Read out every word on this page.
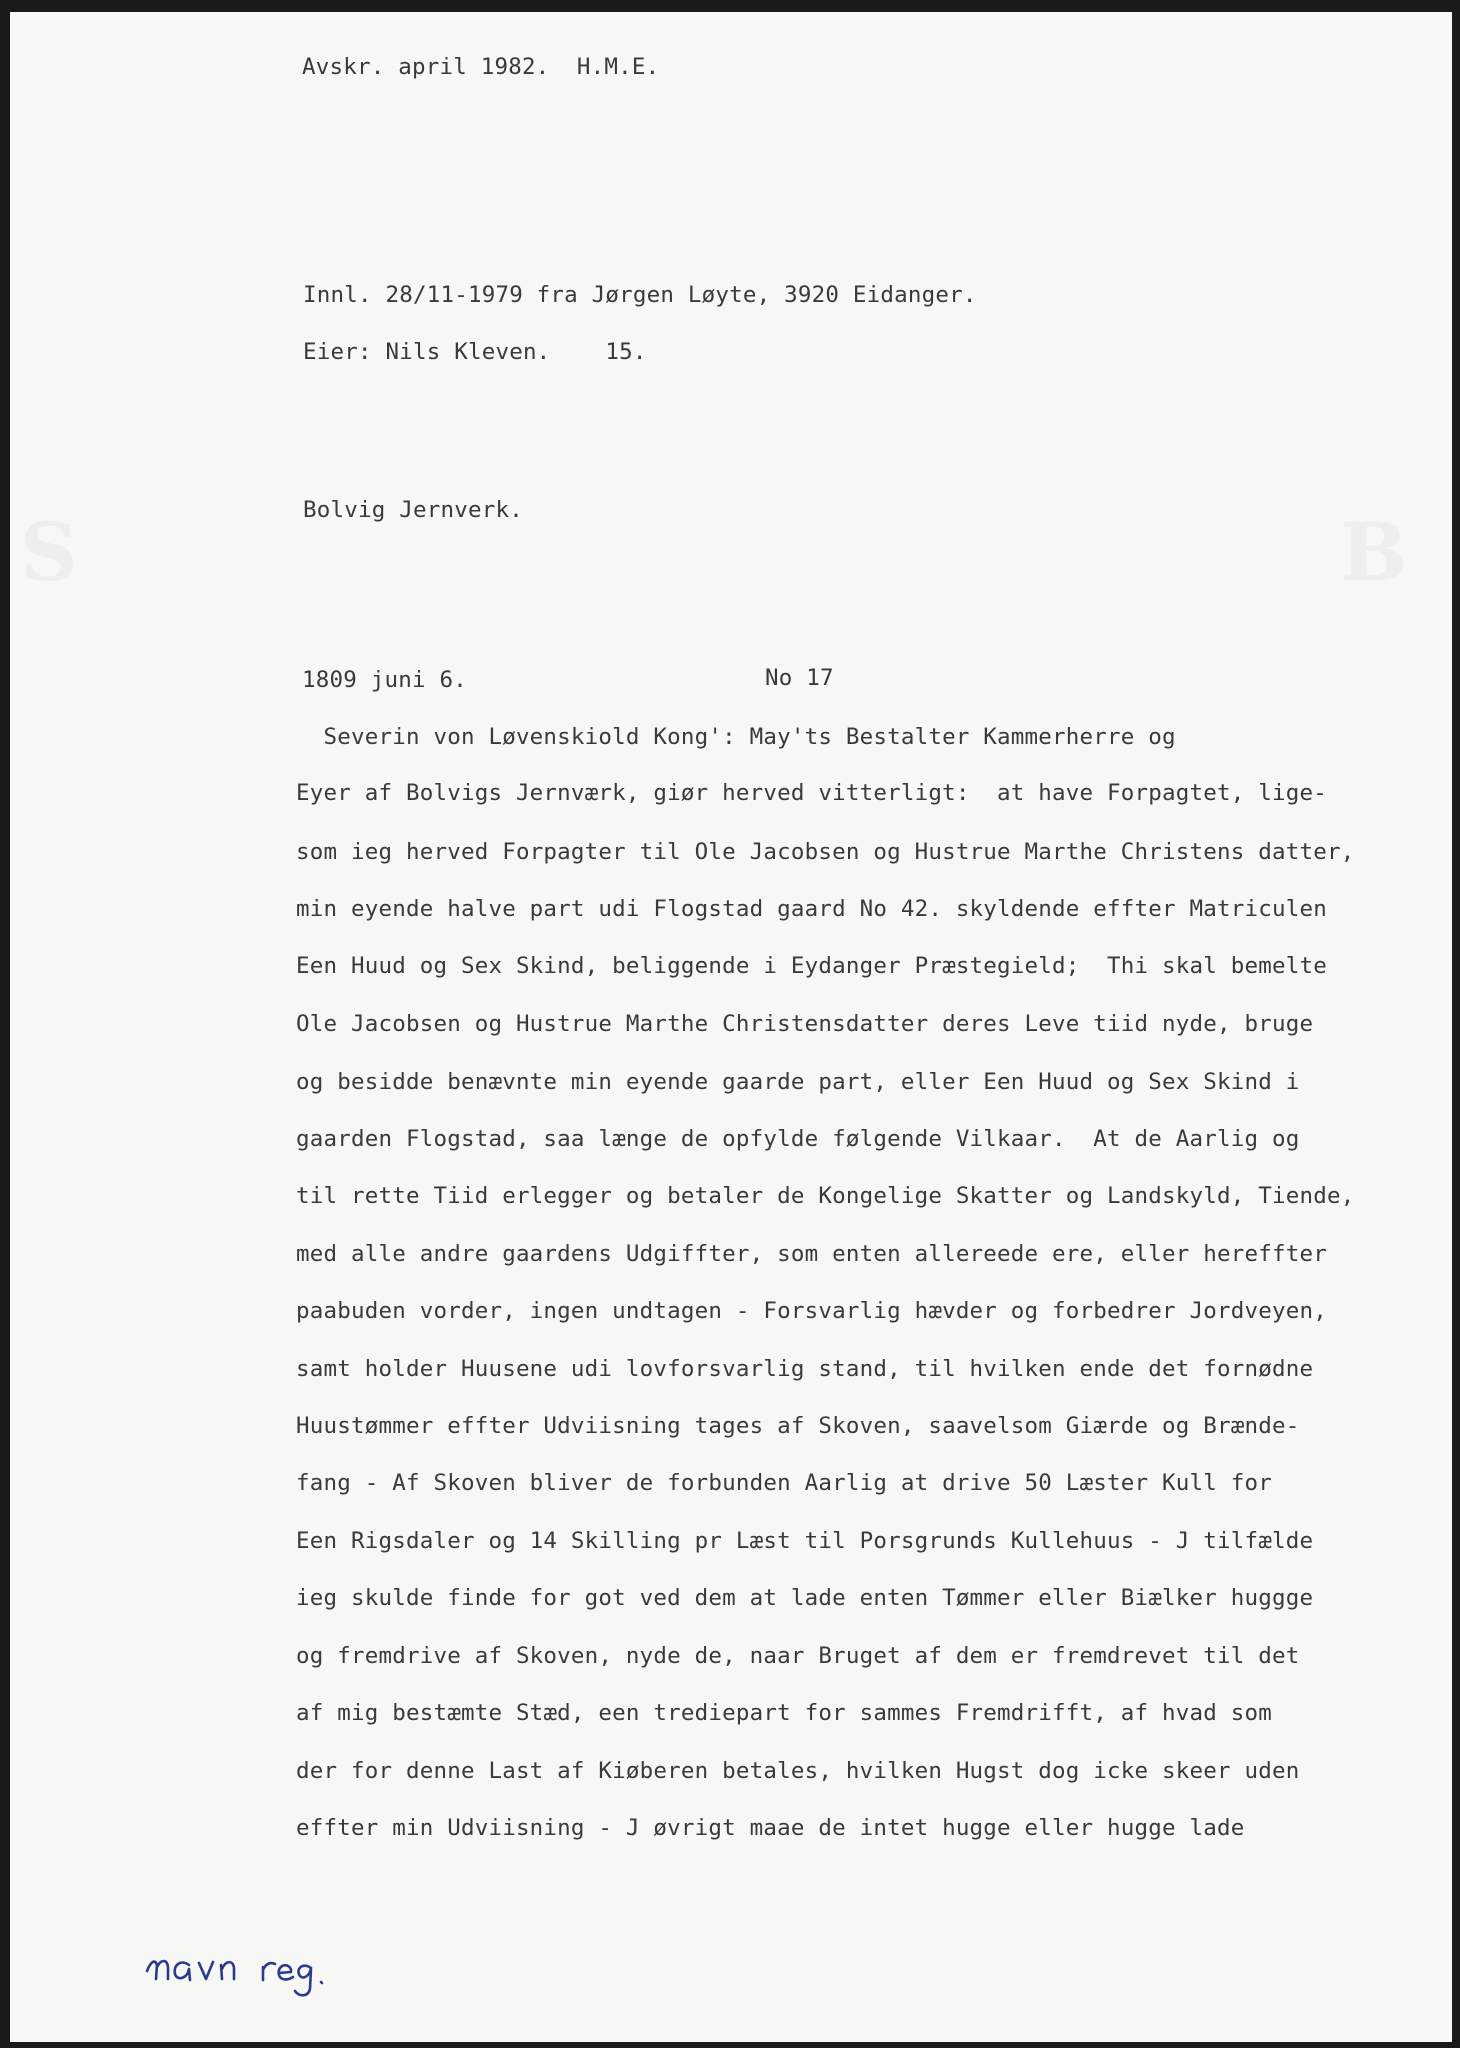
Avskr. april 1982.  H.M.E.
Innl. 28/11-1979 fra Jørgen Løyte, 3920 Eidanger.
Eier: Nils Kleven.    15.
Bolvig Jernverk.
1809 juni 6.	No 17
Severin von Løvenskiold Kong': May'ts Bestalter Kammerherre og
Eyer af Bolvigs Jernværk, giør herved vitterligt:  at have Forpagtet, lige-
som ieg herved Forpagter til Ole Jacobsen og Hustrue Marthe Christens datter,
min eyende halve part udi Flogstad gaard No 42. skyldende effter Matriculen
Een Huud og Sex Skind, beliggende i Eydanger Præstegield;  Thi skal bemelte
Ole Jacobsen og Hustrue Marthe Christensdatter deres Leve tiid nyde, bruge
og besidde benævnte min eyende gaarde part, eller Een Huud og Sex Skind i
gaarden Flogstad, saa længe de opfylde følgende Vilkaar.  At de Aarlig og
til rette Tiid erlegger og betaler de Kongelige Skatter og Landskyld, Tiende,
med alle andre gaardens Udgiffter, som enten allereede ere, eller hereffter
paabuden vorder, ingen undtagen - Forsvarlig hævder og forbedrer Jordveyen,
samt holder Huusene udi lovforsvarlig stand, til hvilken ende det fornødne
Huustømmer effter Udviisning tages af Skoven, saavelsom Giærde og Brænde-
fang - Af Skoven bliver de forbunden Aarlig at drive 50 Læster Kull for
Een Rigsdaler og 14 Skilling pr Læst til Porsgrunds Kullehuus - J tilfælde
ieg skulde finde for got ved dem at lade enten Tømmer eller Biælker huggge
og fremdrive af Skoven, nyde de, naar Bruget af dem er fremdrevet til det
af mig bestæmte Stæd, een trediepart for sammes Fremdrifft, af hvad som
der for denne Last af Kiøberen betales, hvilken Hugst dog icke skeer uden
effter min Udviisning - J øvrigt maae de intet hugge eller hugge lade
